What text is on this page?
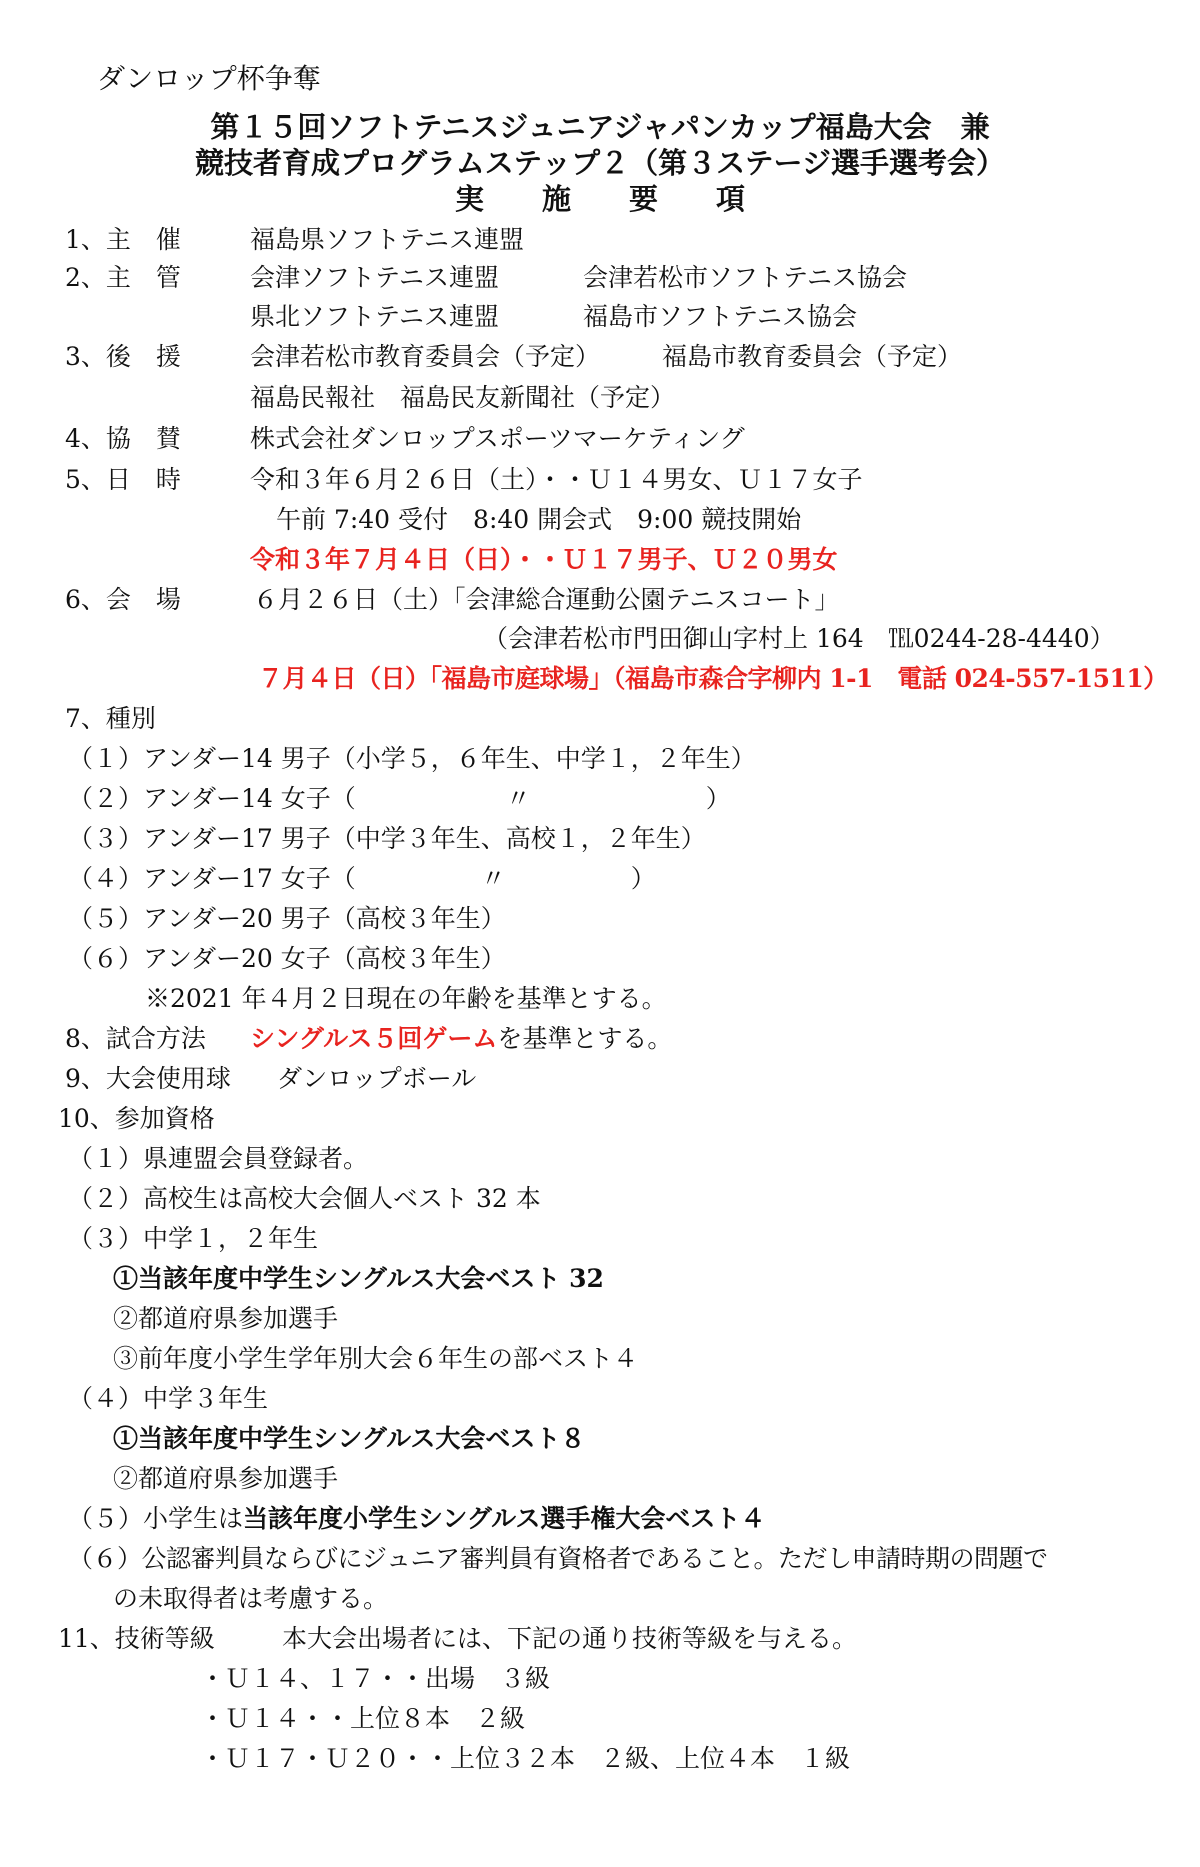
ダンロップ杯争奪
第１５回ソフトテニスジュニアジャパンカップ福島大会　兼
競技者育成プログラムステップ２（第３ステージ選手選考会）
実　　施　　要　　項
1、主　催	福島県ソフトテニス連盟
2、主　管	会津ソフトテニス連盟	会津若松市ソフトテニス協会
県北ソフトテニス連盟	福島市ソフトテニス協会
3、後　援	会津若松市教育委員会（予定） 福島市教育委員会（予定）
福島民報社 福島民友新聞社（予定）
4、協　賛	株式会社ダンロップスポーツマーケティング
5、日　時	令和３年６月２６日（土）・・Ｕ１４男女、Ｕ１７女子
午前 7:40 受付　8:40 開会式　9:00 競技開始
令和３年７月４日（日）・・Ｕ１７男子、Ｕ２０男女
6、会　場	６月２６日（土）「会津総合運動公園テニスコート」
（会津若松市門田御山字村上 164　℡0244-28-4440）
７月４日（日）「福島市庭球場」（福島市森合字柳内 1-1　電話 024-557-1511）
7、種別
（１）アンダー14 男子（小学５，６年生、中学１，２年生）
（２）アンダー14 女子（　　　　　　〃　　　　　　　）
（３）アンダー17 男子（中学３年生、高校１，２年生）
（４）アンダー17 女子（　　　　　〃　　　　　）
（５）アンダー20 男子（高校３年生）
（６）アンダー20 女子（高校３年生）
※2021 年４月２日現在の年齢を基準とする。
8、試合方法 シングルス５回ゲームを基準とする。
9、大会使用球 ダンロップボール
10、参加資格
（１）県連盟会員登録者。
（２）高校生は高校大会個人ベスト 32 本
（３）中学１，２年生
①当該年度中学生シングルス大会ベスト 32
②都道府県参加選手
③前年度小学生学年別大会６年生の部ベスト４
（４）中学３年生
①当該年度中学生シングルス大会ベスト８
②都道府県参加選手
（５）小学生は当該年度小学生シングルス選手権大会ベスト４
（６）公認審判員ならびにジュニア審判員有資格者であること。ただし申請時期の問題で
の未取得者は考慮する。
11、技術等級	本大会出場者には、下記の通り技術等級を与える。
・Ｕ１４、１７・・出場　３級
・Ｕ１４・・上位８本　２級
・Ｕ１７・Ｕ２０・・上位３２本　２級、上位４本　１級
